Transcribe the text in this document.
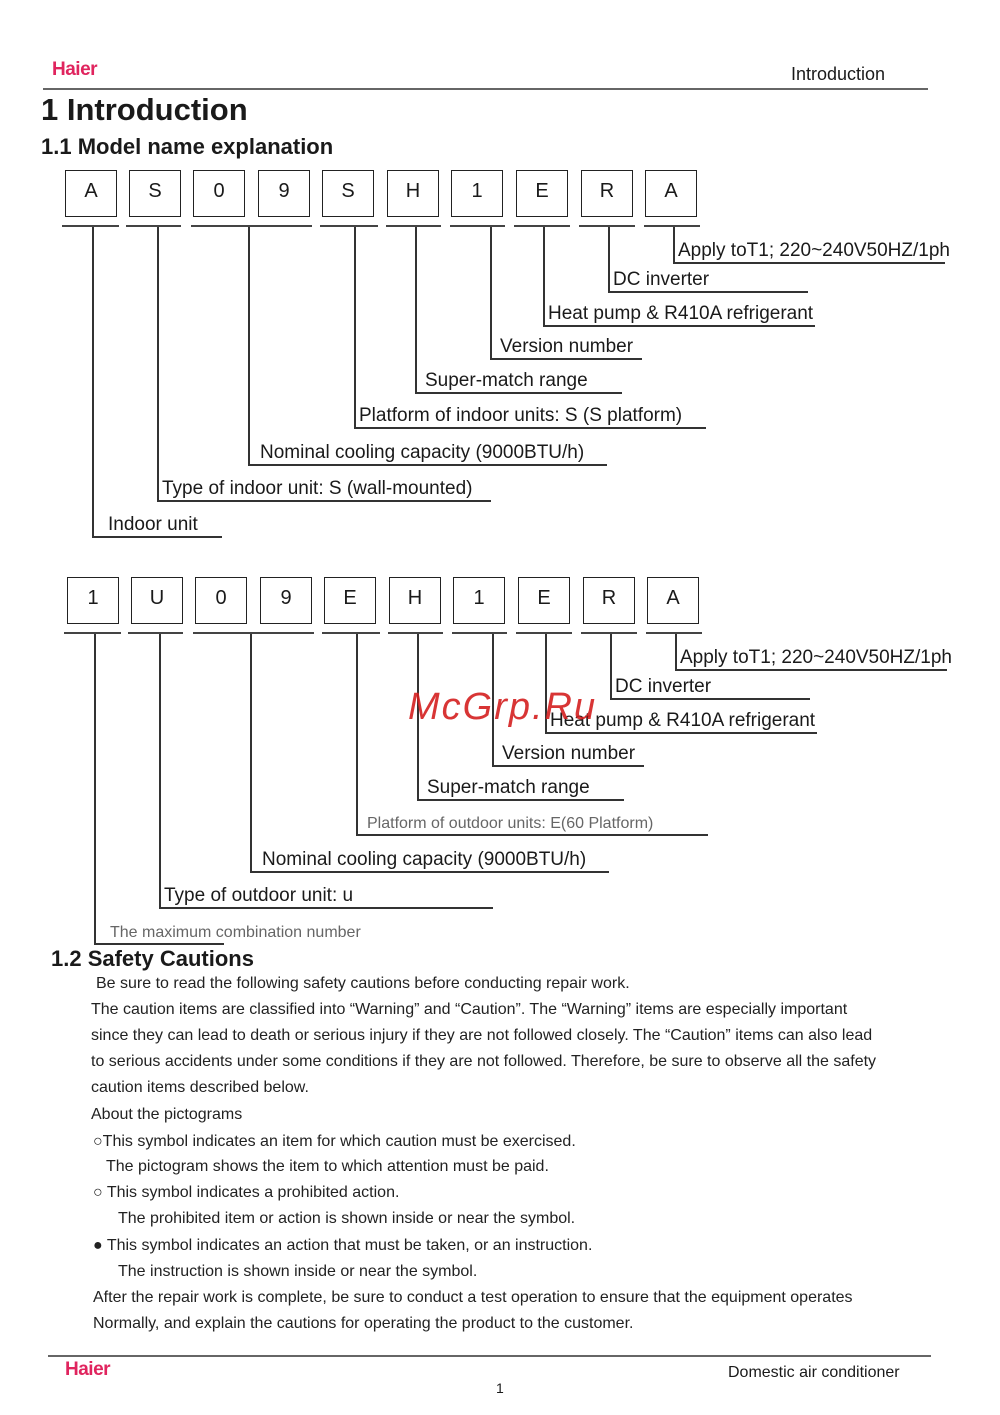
Haier	Introduction
1 Introduction
1.1 Model name explanation
A	S	0	9	S	H	1	E	R	A
Apply toT1; 220~240V50HZ/1ph
DC inverter
Heat pump & R410A refrigerant
Version number
Super-match range
Platform of indoor units: S (S platform)
Nominal cooling capacity (9000BTU/h)
Type of indoor unit: S (wall-mounted)
Indoor unit
1	U	0	9	E	H	1	E	R	A
Apply toT1; 220~240V50HZ/1ph
DC inverter
Heat pump & R410A refrigerant
Version number
Super-match range
Platform of outdoor units: E(60 Platform)
Nominal cooling capacity (9000BTU/h)
Type of outdoor unit: u
The maximum combination number
McGrp.Ru
1.2 Safety Cautions
Be sure to read the following safety cautions before conducting repair work.
The caution items are classified into “Warning” and “Caution”. The “Warning” items are especially important
since they can lead to death or serious injury if they are not followed closely. The “Caution” items can also lead
to serious accidents under some conditions if they are not followed. Therefore, be sure to observe all the safety
caution items described below.
About the pictograms
○This symbol indicates an item for which caution must be exercised.
The pictogram shows the item to which attention must be paid.
○ This symbol indicates a prohibited action.
The prohibited item or action is shown inside or near the symbol.
● This symbol indicates an action that must be taken, or an instruction.
The instruction is shown inside or near the symbol.
After the repair work is complete, be sure to conduct a test operation to ensure that the equipment operates
Normally, and explain the cautions for operating the product to the customer.
Haier	Domestic air conditioner
1
